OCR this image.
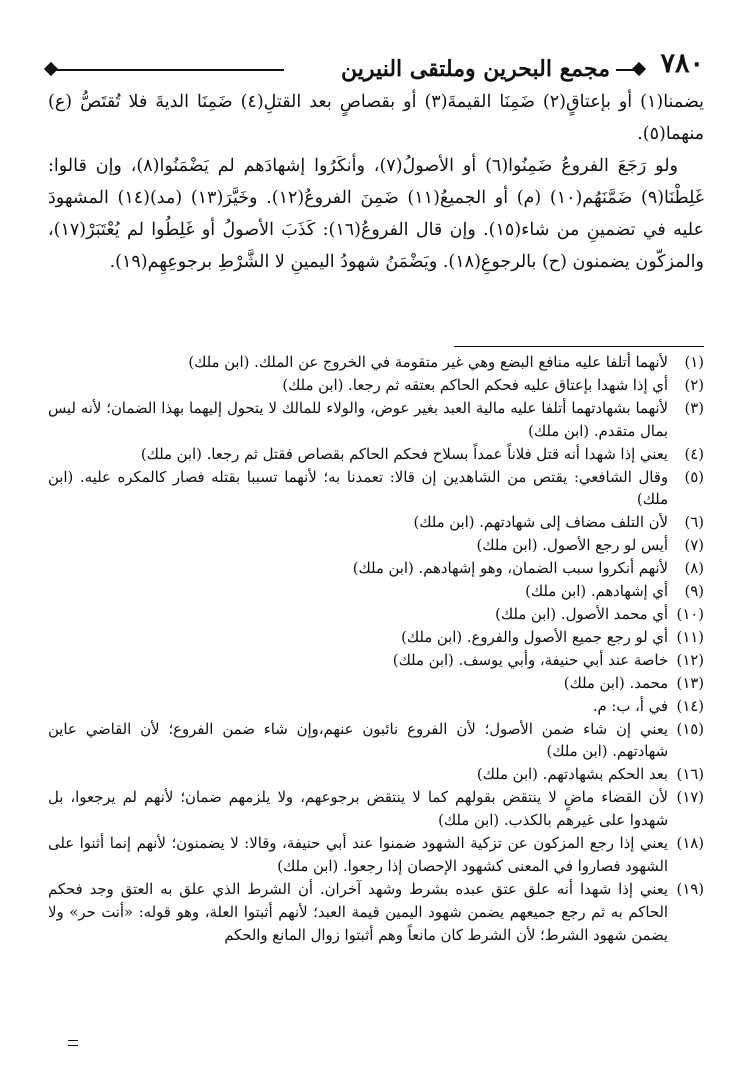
٧٨٠
مجمع البحرين وملتقى النيرين

يضمنا(١) أو بإعتاقٍ(٢) ضَمِنَا القيمةَ(٣) أو بقصاصٍ بعد القتلِ(٤) ضَمِنَا الديةَ فلا تُقتَصُّ (ع) منهما(٥).

ولو رَجَعَ الفروعُ ضَمِنُوا(٦) أو الأصولُ(٧)، وأنكَرُوا إشهادَهم لم يَضْمَنُوا(٨)، وإن قالوا: غَلِطْنَا(٩) ضَمَّنَهُم(١٠) (م) أو الجميعُ(١١) ضَمِنَ الفروعُ(١٢). وخَيَّرَ(١٣) (مد)(١٤) المشهودَ عليه في تضمينِ من شاء(١٥). وإن قال الفروعُ(١٦): كَذَبَ الأصولُ أو غَلِطُوا لم يُعْتَبَرْ(١٧)، والمزكّون يضمنون (ح) بالرجوعِ(١٨). ويَضْمَنُ شهودُ اليمينِ لا الشَّرْطِ برجوعِهِم(١٩).

(١)
لأنهما أتلفا عليه منافع البضع وهي غير متقومة في الخروج عن الملك. (ابن ملك)
(٢)
أي إذا شهدا بإعتاق عليه فحكم الحاكم بعتقه ثم رجعا. (ابن ملك)
(٣)
لأنهما بشهادتهما أتلفا عليه مالية العبد بغير عوض، والولاء للمالك لا يتحول إليهما بهذا الضمان؛ لأنه ليس بمال متقدم. (ابن ملك)
(٤)
يعني إذا شهدا أنه قتل فلاناً عمداً بسلاح فحكم الحاكم بقصاص فقتل ثم رجعا. (ابن ملك)
(٥)
وقال الشافعي: يقتص من الشاهدين إن قالا: تعمدنا به؛ لأنهما تسببا بقتله فصار كالمكره عليه. (ابن ملك)
(٦)
لأن التلف مضاف إلى شهادتهم. (ابن ملك)
(٧)
أيس لو رجع الأصول. (ابن ملك)
(٨)
لأنهم أنكروا سبب الضمان، وهو إشهادهم. (ابن ملك)
(٩)
أي إشهادهم. (ابن ملك)
(١٠)
أي محمد الأصول. (ابن ملك)
(١١)
أي لو رجع جميع الأصول والفروع. (ابن ملك)
(١٢)
خاصة عند أبي حنيفة، وأبي يوسف. (ابن ملك)
(١٣)
محمد. (ابن ملك)
(١٤)
في أ، ب: م.
(١٥)
يعني إن شاء ضمن الأصول؛ لأن الفروع نائبون عنهم،وإن شاء ضمن الفروع؛ لأن القاضي عاين شهادتهم. (ابن ملك)
(١٦)
بعد الحكم بشهادتهم. (ابن ملك)
(١٧)
لأن القضاء ماضٍ لا ينتقض بقولهم كما لا ينتقض برجوعهم، ولا يلزمهم ضمان؛ لأنهم لم يرجعوا، بل شهدوا على غيرهم بالكذب. (ابن ملك)
(١٨)
يعني إذا رجع المزكون عن تزكية الشهود ضمنوا عند أبي حنيفة، وقالا: لا يضمنون؛ لأنهم إنما أثنوا على الشهود فصاروا في المعنى كشهود الإحصان إذا رجعوا. (ابن ملك)
(١٩)
يعني إذا شهدا أنه علق عتق عبده بشرط وشهد آخران. أن الشرط الذي علق به العتق وجد فحكم الحاكم به ثم رجع جميعهم يضمن شهود اليمين قيمة العبد؛ لأنهم أثبتوا العلة، وهو قوله: «أنت حر» ولا يضمن شهود الشرط؛ لأن الشرط كان مانعاً وهم أثبتوا زوال المانع والحكم
